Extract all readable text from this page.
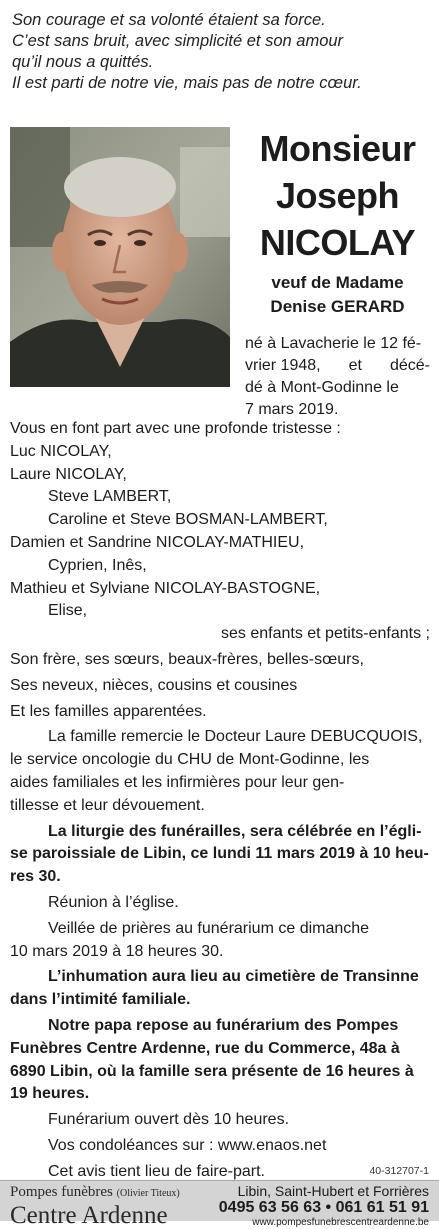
Son courage et sa volonté étaient sa force.
C’est sans bruit, avec simplicité et son amour
qu’il nous a quittés.
Il est parti de notre vie, mais pas de notre cœur.
Monsieur
Joseph
NICOLAY
veuf de Madame
Denise GERARD
né à Lavacherie le 12 fé-
vrier 1948, et décé-
dé à Mont-Godinne le
7 mars 2019.
Vous en font part avec une profonde tristesse :
Luc NICOLAY,
Laure NICOLAY,
Steve LAMBERT,
Caroline et Steve BOSMAN-LAMBERT,
Damien et Sandrine NICOLAY-MATHIEU,
Cyprien, Inês,
Mathieu et Sylviane NICOLAY-BASTOGNE,
Elise,
ses enfants et petits-enfants ;
Son frère, ses sœurs, beaux-frères, belles-sœurs,
Ses neveux, nièces, cousins et cousines
Et les familles apparentées.
La famille remercie le Docteur Laure DEBUCQUOIS,
le service oncologie du CHU de Mont-Godinne, les
aides familiales et les infirmières pour leur gen-
tillesse et leur dévouement.
La liturgie des funérailles, sera célébrée en l’égli-
se paroissiale de Libin, ce lundi 11 mars 2019 à 10 heu-
res 30.
Réunion à l’église.
Veillée de prières au funérarium ce dimanche
10 mars 2019 à 18 heures 30.
L’inhumation aura lieu au cimetière de Transinne
dans l’intimité familiale.
Notre papa repose au funérarium des Pompes
Funèbres Centre Ardenne, rue du Commerce, 48a à
6890 Libin, où la famille sera présente de 16 heures à
19 heures.
Funérarium ouvert dès 10 heures.
Vos condoléances sur : www.enaos.net
Cet avis tient lieu de faire-part.	40-312707-1
Pompes funèbres (Olivier Titeux)
Centre Ardenne
Libin, Saint-Hubert et Forrières
0495 63 56 63 • 061 61 51 91
www.pompesfunebrescentreardenne.be
